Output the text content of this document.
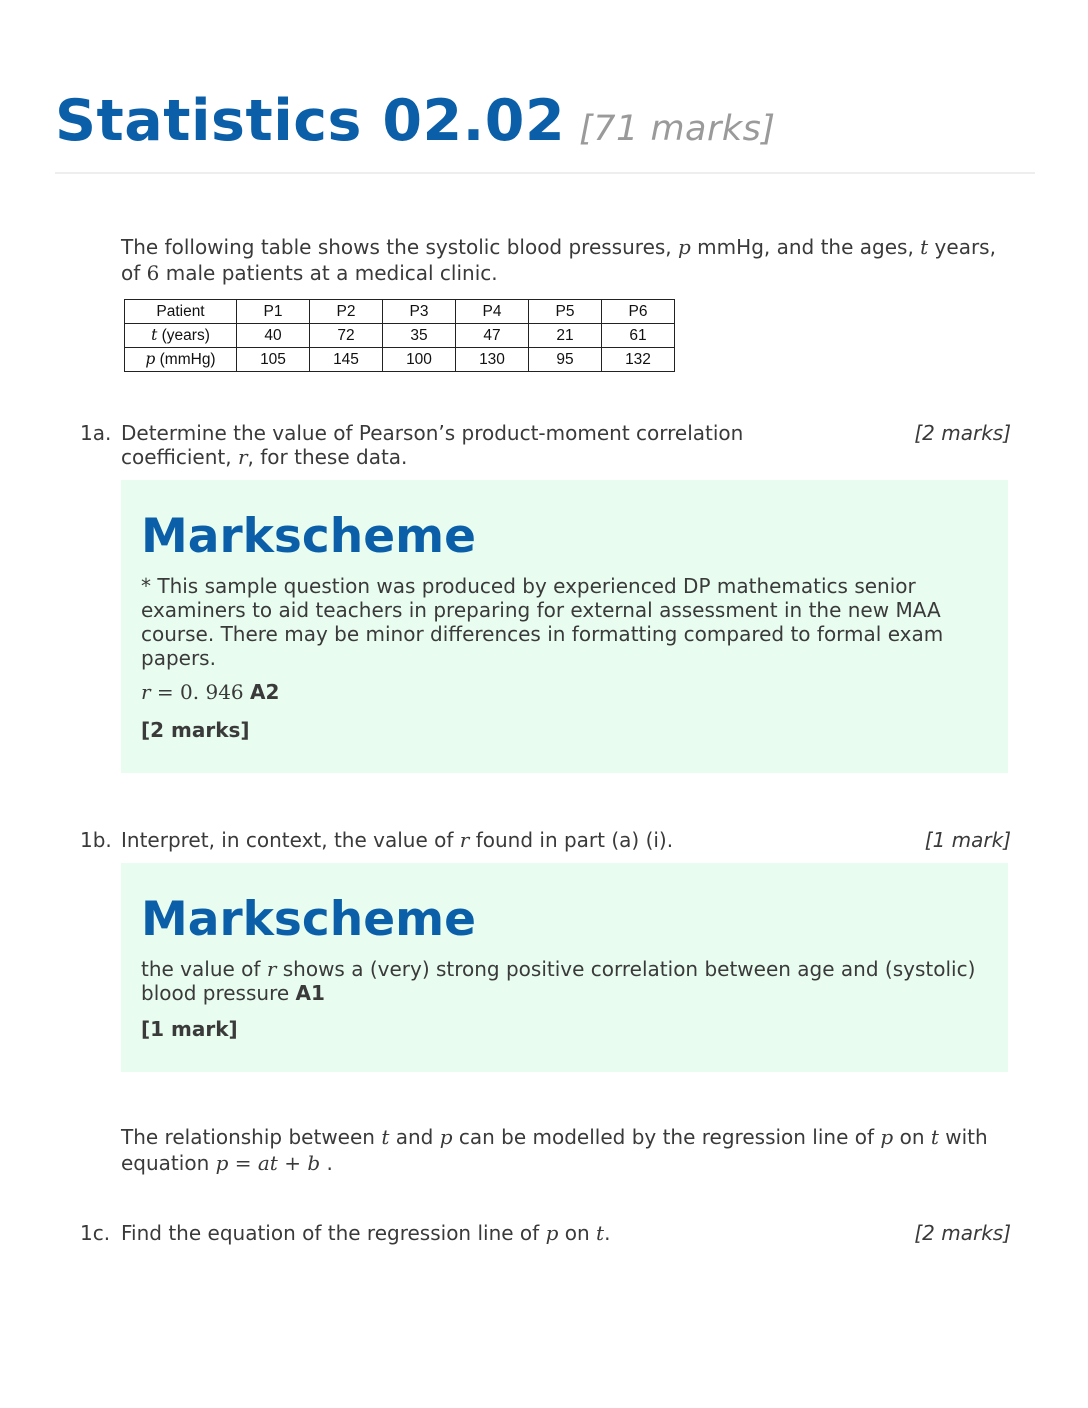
Statistics 02.02 [71 marks]
The following table shows the systolic blood pressures, p mmHg, and the ages, t years, of 6 male patients at a medical clinic.
Patient	P1	P2	P3	P4	P5	P6
t (years)	40	72	35	47	21	61
p (mmHg)	105	145	100	130	95	132
1a. Determine the value of Pearson’s product-moment correlation coefficient, r, for these data.
[2 marks]
Markscheme
* This sample question was produced by experienced DP mathematics senior examiners to aid teachers in preparing for external assessment in the new MAA course. There may be minor differences in formatting compared to formal exam papers.
r = 0. 946 A2
[2 marks]
1b. Interpret, in context, the value of r found in part (a) (i).	[1 mark]
Markscheme
the value of r shows a (very) strong positive correlation between age and (systolic) blood pressure A1
[1 mark]
The relationship between t and p can be modelled by the regression line of p on t with equation p = at + b .
1c. Find the equation of the regression line of p on t.	[2 marks]
